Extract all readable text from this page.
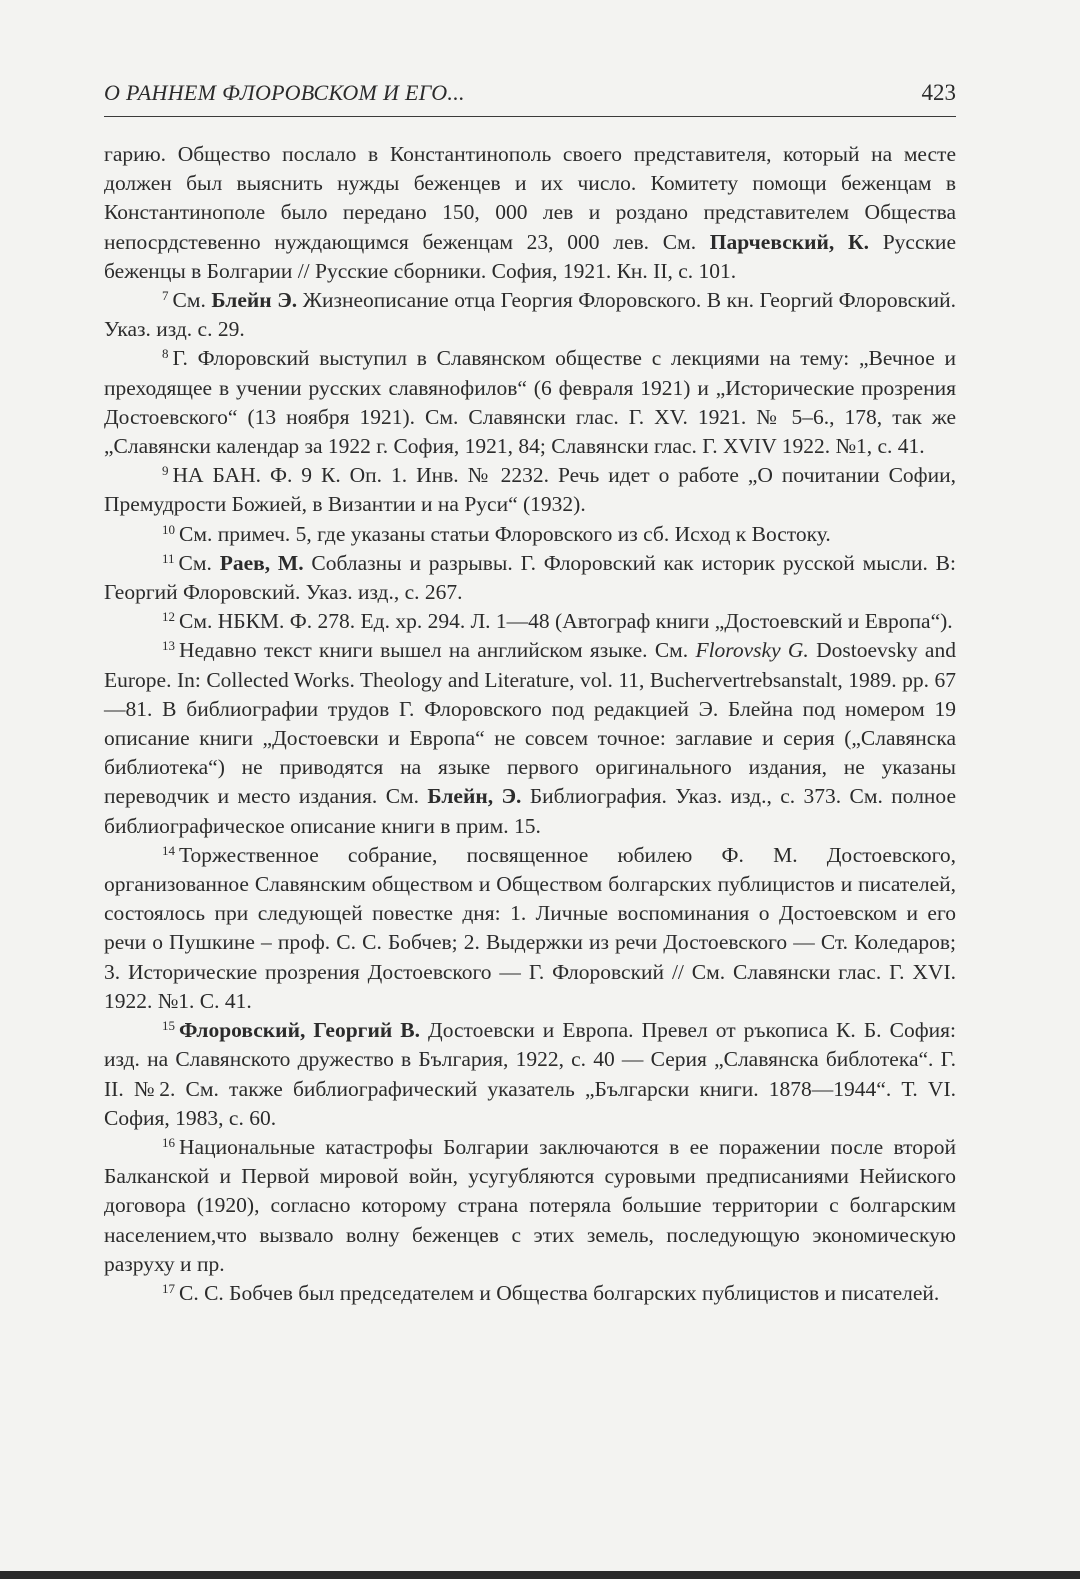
О РАННЕМ ФЛОРОВСКОМ И ЕГО...	423

гарию. Общество послало в Константинополь своего представителя, который на месте должен был выяснить нужды беженцев и их число. Комитету помощи беженцам в Константинополе было передано 150, 000 лев и роздано представителем Общества непосрдстевенно нуждающимся беженцам 23, 000 лев. См. Парчевский, К. Русские беженцы в Болгарии // Русские сборники. София, 1921. Кн. II, с. 101.

$^7$ См. Блейн Э. Жизнеописание отца Георгия Флоровского. В кн. Георгий Флоровский. Указ. изд. с. 29.

$^8$ Г. Флоровский выступил в Славянском обществе с лекциями на тему: „Вечное и преходящее в учении русских славянофилов“ (6 февраля 1921) и „Исторические прозрения Достоевского“ (13 ноября 1921). См. Славянски глас. Г. XV. 1921. № 5–6., 178, так же „Славянски календар за 1922 г. София, 1921, 84; Славянски глас. Г. XVIV 1922. №1, с. 41.

$^9$ НА БАН. Ф. 9 К. Оп. 1. Инв. № 2232. Речь идет о работе „О почитании Софии, Премудрости Божией, в Византии и на Руси“ (1932).

$^{10}$ См. примеч. 5, где указаны статьи Флоровского из сб. Исход к Востоку.

$^{11}$ См. Раев, М. Соблазны и разрывы. Г. Флоровский как историк русской мысли. В: Георгий Флоровский. Указ. изд., с. 267.

$^{12}$ См. НБКМ. Ф. 278. Ед. хр. 294. Л. 1—48 (Автограф книги „Достоевский и Европа“).

$^{13}$ Недавно текст книги вышел на английском языке. См. Florovsky G. Dostoevsky and Europe. In: Collected Works. Theology and Literature, vol. 11, Buchervertrebsanstalt, 1989. pp. 67—81. В библиографии трудов Г. Флоровского под редакцией Э. Блейна под номером 19 описание книги „Достоевски и Европа“ не совсем точное: заглавие и серия („Славянска библиотека“) не приводятся на языке первого оригинального издания, не указаны переводчик и место издания. См. Блейн, Э. Библиография. Указ. изд., с. 373. См. полное библиографическое описание книги в прим. 15.

$^{14}$ Торжественное собрание, посвященное юбилею Ф. М. Достоевского, организованное Славянским обществом и Обществом болгарских публицистов и писателей, состоялось при следующей повестке дня: 1. Личные воспоминания о Достоевском и его речи о Пушкине – проф. С. С. Бобчев; 2. Выдержки из речи Достоевского — Ст. Коледаров; 3. Исторические прозрения Достоевского — Г. Флоровский // См. Славянски глас. Г. XVI. 1922. №1. С. 41.

$^{15}$ Флоровский, Георгий В. Достоевски и Европа. Превел от ръкописа К. Б. София: изд. на Славянското дружество в България, 1922, с. 40 — Серия „Славянска библотека“. Г. II. №2. См. также библиографический указатель „Български книги. 1878—1944“. Т. VI. София, 1983, с. 60.

$^{16}$ Национальные катастрофы Болгарии заключаются в ее поражении после второй Балканской и Первой мировой войн, усугубляются суровыми предписаниями Нейиского договора (1920), согласно которому страна потеряла большие территории с болгарским населением,что вызвало волну беженцев с этих земель, последующую экономическую разруху и пр.

$^{17}$ С. С. Бобчев был председателем и Общества болгарских публицистов и писателей.
